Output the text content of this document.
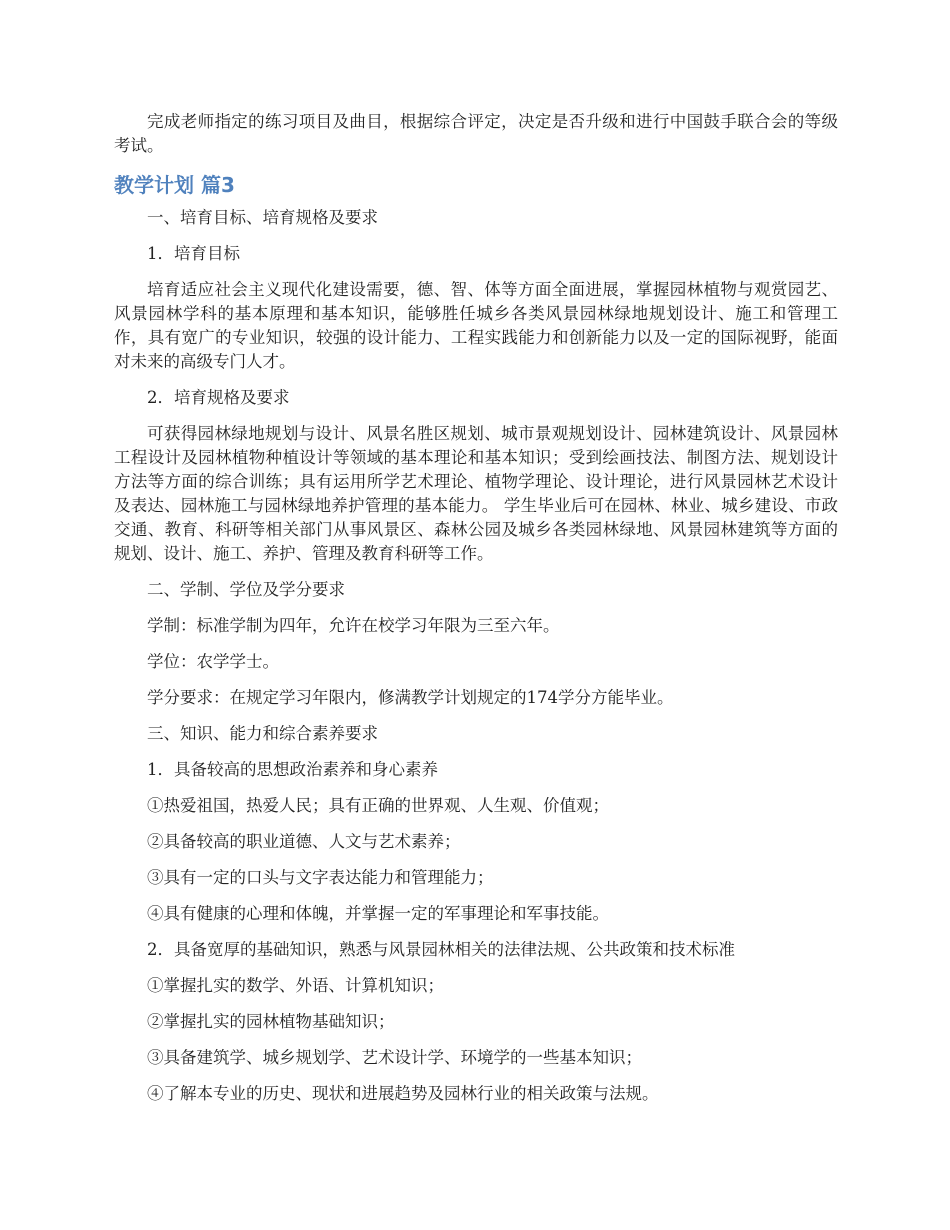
完成老师指定的练习项目及曲目，根据综合评定，决定是否升级和进行中国鼓手联合会的等级考试。

教学计划 篇3

一、培育目标、培育规格及要求

1．培育目标

培育适应社会主义现代化建设需要，德、智、体等方面全面进展，掌握园林植物与观赏园艺、风景园林学科的基本原理和基本知识，能够胜任城乡各类风景园林绿地规划设计、施工和管理工作，具有宽广的专业知识，较强的设计能力、工程实践能力和创新能力以及一定的国际视野，能面对未来的高级专门人才。

2．培育规格及要求

可获得园林绿地规划与设计、风景名胜区规划、城市景观规划设计、园林建筑设计、风景园林工程设计及园林植物种植设计等领域的基本理论和基本知识；受到绘画技法、制图方法、规划设计方法等方面的综合训练；具有运用所学艺术理论、植物学理论、设计理论，进行风景园林艺术设计及表达、园林施工与园林绿地养护管理的基本能力。 学生毕业后可在园林、林业、城乡建设、市政交通、教育、科研等相关部门从事风景区、森林公园及城乡各类园林绿地、风景园林建筑等方面的规划、设计、施工、养护、管理及教育科研等工作。

二、学制、学位及学分要求

学制：标准学制为四年，允许在校学习年限为三至六年。

学位：农学学士。

学分要求：在规定学习年限内，修满教学计划规定的174学分方能毕业。

三、知识、能力和综合素养要求

1．具备较高的思想政治素养和身心素养

①热爱祖国，热爱人民；具有正确的世界观、人生观、价值观；

②具备较高的职业道德、人文与艺术素养；

③具有一定的口头与文字表达能力和管理能力；

④具有健康的心理和体魄，并掌握一定的军事理论和军事技能。

2．具备宽厚的基础知识，熟悉与风景园林相关的法律法规、公共政策和技术标准

①掌握扎实的数学、外语、计算机知识；

②掌握扎实的园林植物基础知识；

③具备建筑学、城乡规划学、艺术设计学、环境学的一些基本知识；

④了解本专业的历史、现状和进展趋势及园林行业的相关政策与法规。
